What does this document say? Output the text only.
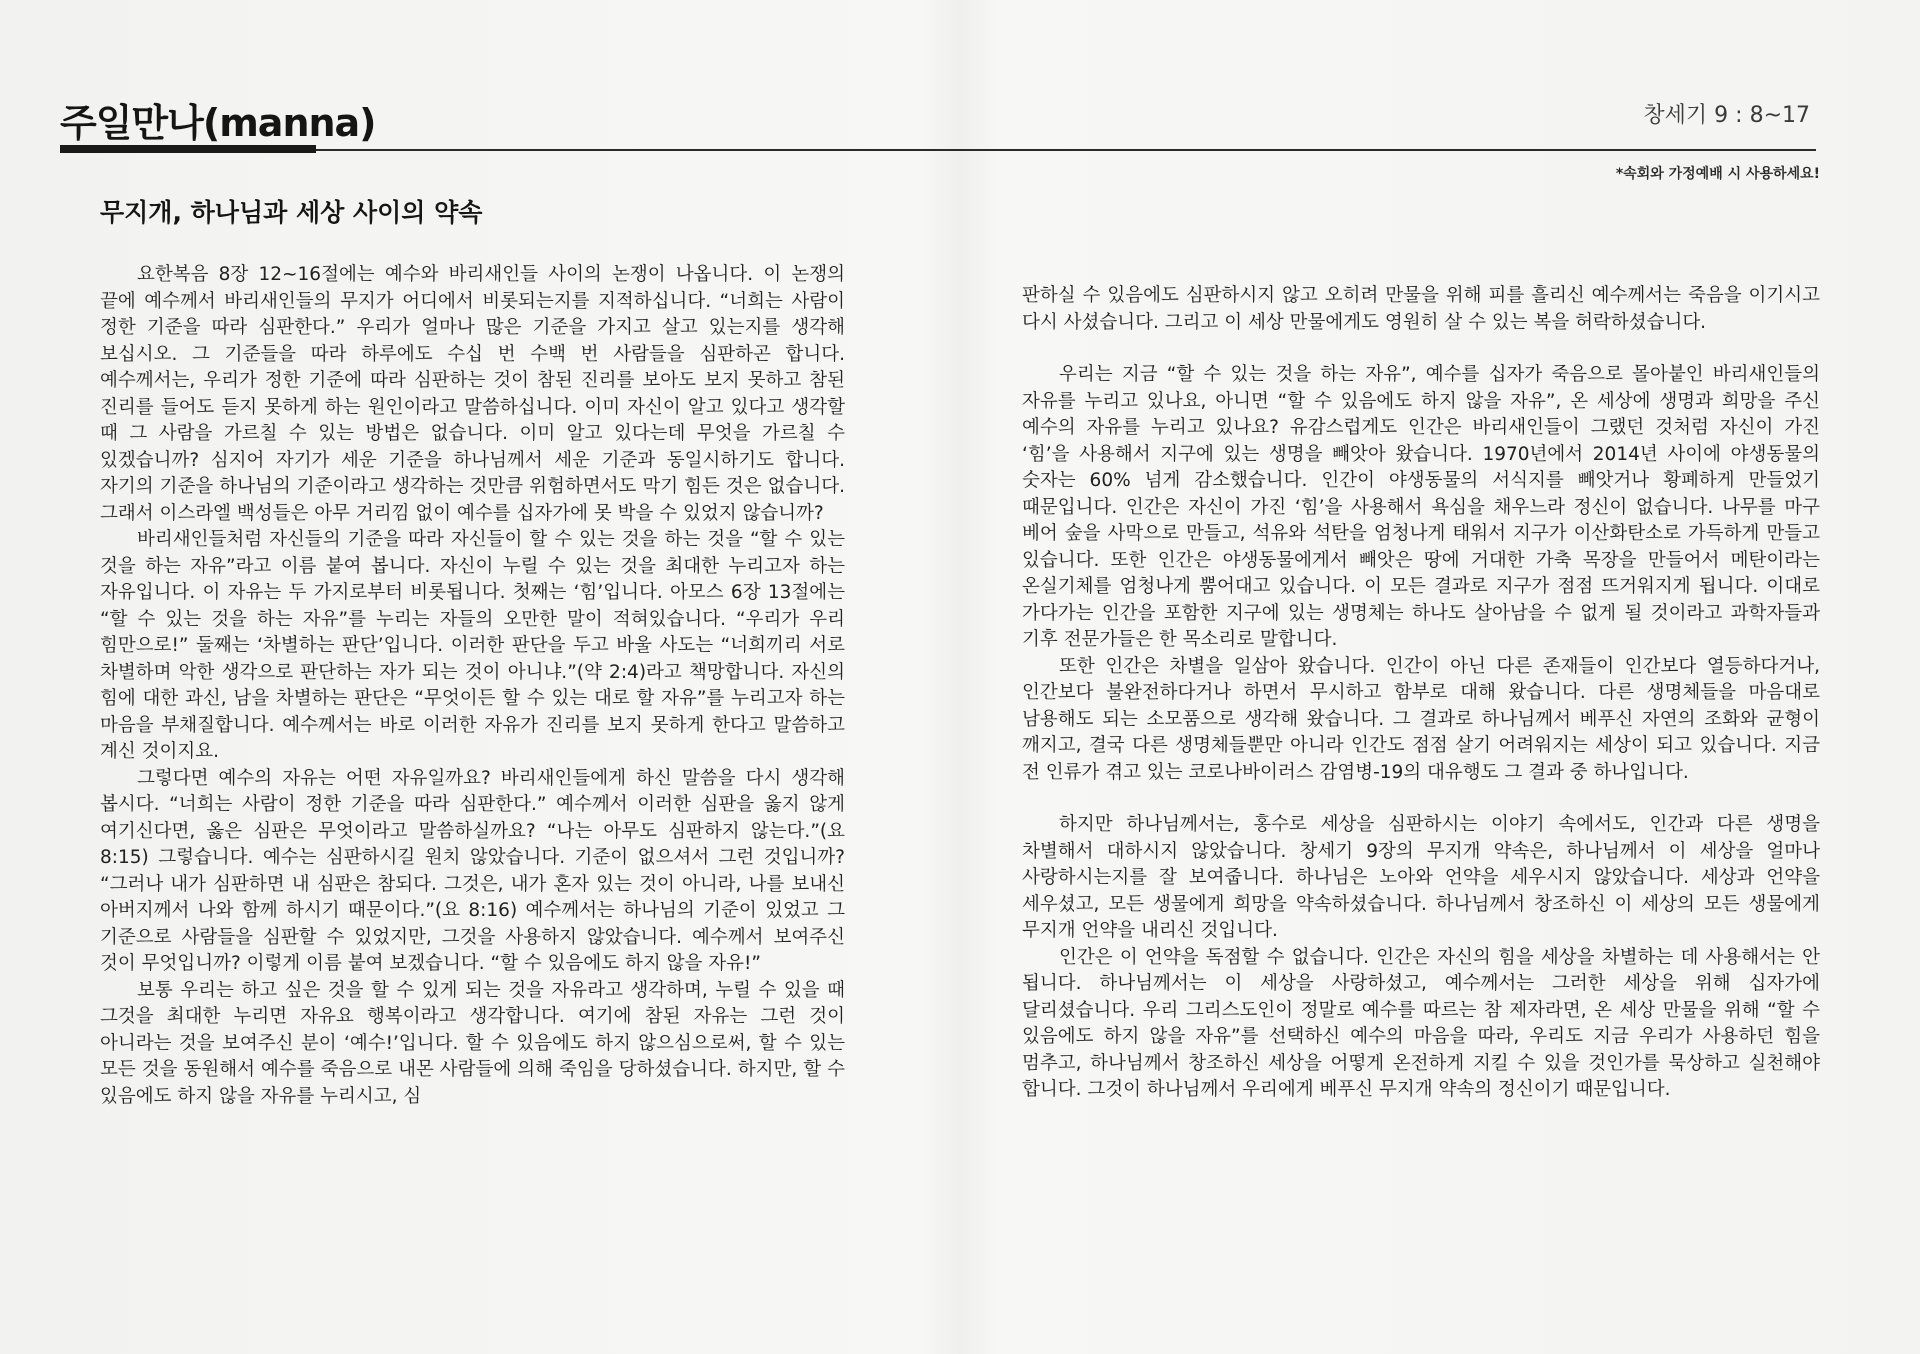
주일만나(manna)	창세기 9 : 8~17
*속회와 가정예배 시 사용하세요!
무지개, 하나님과 세상 사이의 약속

요한복음 8장 12~16절에는 예수와 바리새인들 사이의 논쟁이 나옵니다. 이 논쟁의 끝에 예수께서 바리새인들의 무지가 어디에서 비롯되는지를 지적하십니다. “너희는 사람이 정한 기준을 따라 심판한다.” 우리가 얼마나 많은 기준을 가지고 살고 있는지를 생각해 보십시오. 그 기준들을 따라 하루에도 수십 번 수백 번 사람들을 심판하곤 합니다. 예수께서는, 우리가 정한 기준에 따라 심판하는 것이 참된 진리를 보아도 보지 못하고 참된 진리를 들어도 듣지 못하게 하는 원인이라고 말씀하십니다. 이미 자신이 알고 있다고 생각할 때 그 사람을 가르칠 수 있는 방법은 없습니다. 이미 알고 있다는데 무엇을 가르칠 수 있겠습니까? 심지어 자기가 세운 기준을 하나님께서 세운 기준과 동일시하기도 합니다. 자기의 기준을 하나님의 기준이라고 생각하는 것만큼 위험하면서도 막기 힘든 것은 없습니다. 그래서 이스라엘 백성들은 아무 거리낌 없이 예수를 십자가에 못 박을 수 있었지 않습니까?

바리새인들처럼 자신들의 기준을 따라 자신들이 할 수 있는 것을 하는 것을 “할 수 있는 것을 하는 자유”라고 이름 붙여 봅니다. 자신이 누릴 수 있는 것을 최대한 누리고자 하는 자유입니다. 이 자유는 두 가지로부터 비롯됩니다. 첫째는 ‘힘’입니다. 아모스 6장 13절에는 “할 수 있는 것을 하는 자유”를 누리는 자들의 오만한 말이 적혀있습니다. “우리가 우리 힘만으로!” 둘째는 ‘차별하는 판단’입니다. 이러한 판단을 두고 바울 사도는 “너희끼리 서로 차별하며 악한 생각으로 판단하는 자가 되는 것이 아니냐.”(약 2:4)라고 책망합니다. 자신의 힘에 대한 과신, 남을 차별하는 판단은 “무엇이든 할 수 있는 대로 할 자유”를 누리고자 하는 마음을 부채질합니다. 예수께서는 바로 이러한 자유가 진리를 보지 못하게 한다고 말씀하고 계신 것이지요.

그렇다면 예수의 자유는 어떤 자유일까요? 바리새인들에게 하신 말씀을 다시 생각해 봅시다. “너희는 사람이 정한 기준을 따라 심판한다.” 예수께서 이러한 심판을 옳지 않게 여기신다면, 옳은 심판은 무엇이라고 말씀하실까요? “나는 아무도 심판하지 않는다.”(요 8:15) 그렇습니다. 예수는 심판하시길 원치 않았습니다. 기준이 없으셔서 그런 것입니까? “그러나 내가 심판하면 내 심판은 참되다. 그것은, 내가 혼자 있는 것이 아니라, 나를 보내신 아버지께서 나와 함께 하시기 때문이다.”(요 8:16) 예수께서는 하나님의 기준이 있었고 그 기준으로 사람들을 심판할 수 있었지만, 그것을 사용하지 않았습니다. 예수께서 보여주신 것이 무엇입니까? 이렇게 이름 붙여 보겠습니다. “할 수 있음에도 하지 않을 자유!”

보통 우리는 하고 싶은 것을 할 수 있게 되는 것을 자유라고 생각하며, 누릴 수 있을 때 그것을 최대한 누리면 자유요 행복이라고 생각합니다. 여기에 참된 자유는 그런 것이 아니라는 것을 보여주신 분이 ‘예수!’입니다. 할 수 있음에도 하지 않으심으로써, 할 수 있는 모든 것을 동원해서 예수를 죽음으로 내몬 사람들에 의해 죽임을 당하셨습니다. 하지만, 할 수 있음에도 하지 않을 자유를 누리시고, 심

판하실 수 있음에도 심판하시지 않고 오히려 만물을 위해 피를 흘리신 예수께서는 죽음을 이기시고 다시 사셨습니다. 그리고 이 세상 만물에게도 영원히 살 수 있는 복을 허락하셨습니다.

우리는 지금 “할 수 있는 것을 하는 자유”, 예수를 십자가 죽음으로 몰아붙인 바리새인들의 자유를 누리고 있나요, 아니면 “할 수 있음에도 하지 않을 자유”, 온 세상에 생명과 희망을 주신 예수의 자유를 누리고 있나요? 유감스럽게도 인간은 바리새인들이 그랬던 것처럼 자신이 가진 ‘힘’을 사용해서 지구에 있는 생명을 빼앗아 왔습니다. 1970년에서 2014년 사이에 야생동물의 숫자는 60% 넘게 감소했습니다. 인간이 야생동물의 서식지를 빼앗거나 황폐하게 만들었기 때문입니다. 인간은 자신이 가진 ‘힘’을 사용해서 욕심을 채우느라 정신이 없습니다. 나무를 마구 베어 숲을 사막으로 만들고, 석유와 석탄을 엄청나게 태워서 지구가 이산화탄소로 가득하게 만들고 있습니다. 또한 인간은 야생동물에게서 빼앗은 땅에 거대한 가축 목장을 만들어서 메탄이라는 온실기체를 엄청나게 뿜어대고 있습니다. 이 모든 결과로 지구가 점점 뜨거워지게 됩니다. 이대로 가다가는 인간을 포함한 지구에 있는 생명체는 하나도 살아남을 수 없게 될 것이라고 과학자들과 기후 전문가들은 한 목소리로 말합니다.

또한 인간은 차별을 일삼아 왔습니다. 인간이 아닌 다른 존재들이 인간보다 열등하다거나, 인간보다 불완전하다거나 하면서 무시하고 함부로 대해 왔습니다. 다른 생명체들을 마음대로 남용해도 되는 소모품으로 생각해 왔습니다. 그 결과로 하나님께서 베푸신 자연의 조화와 균형이 깨지고, 결국 다른 생명체들뿐만 아니라 인간도 점점 살기 어려워지는 세상이 되고 있습니다. 지금 전 인류가 겪고 있는 코로나바이러스 감염병-19의 대유행도 그 결과 중 하나입니다.

하지만 하나님께서는, 홍수로 세상을 심판하시는 이야기 속에서도, 인간과 다른 생명을 차별해서 대하시지 않았습니다. 창세기 9장의 무지개 약속은, 하나님께서 이 세상을 얼마나 사랑하시는지를 잘 보여줍니다. 하나님은 노아와 언약을 세우시지 않았습니다. 세상과 언약을 세우셨고, 모든 생물에게 희망을 약속하셨습니다. 하나님께서 창조하신 이 세상의 모든 생물에게 무지개 언약을 내리신 것입니다.

인간은 이 언약을 독점할 수 없습니다. 인간은 자신의 힘을 세상을 차별하는 데 사용해서는 안 됩니다. 하나님께서는 이 세상을 사랑하셨고, 예수께서는 그러한 세상을 위해 십자가에 달리셨습니다. 우리 그리스도인이 정말로 예수를 따르는 참 제자라면, 온 세상 만물을 위해 “할 수 있음에도 하지 않을 자유”를 선택하신 예수의 마음을 따라, 우리도 지금 우리가 사용하던 힘을 멈추고, 하나님께서 창조하신 세상을 어떻게 온전하게 지킬 수 있을 것인가를 묵상하고 실천해야 합니다. 그것이 하나님께서 우리에게 베푸신 무지개 약속의 정신이기 때문입니다.
